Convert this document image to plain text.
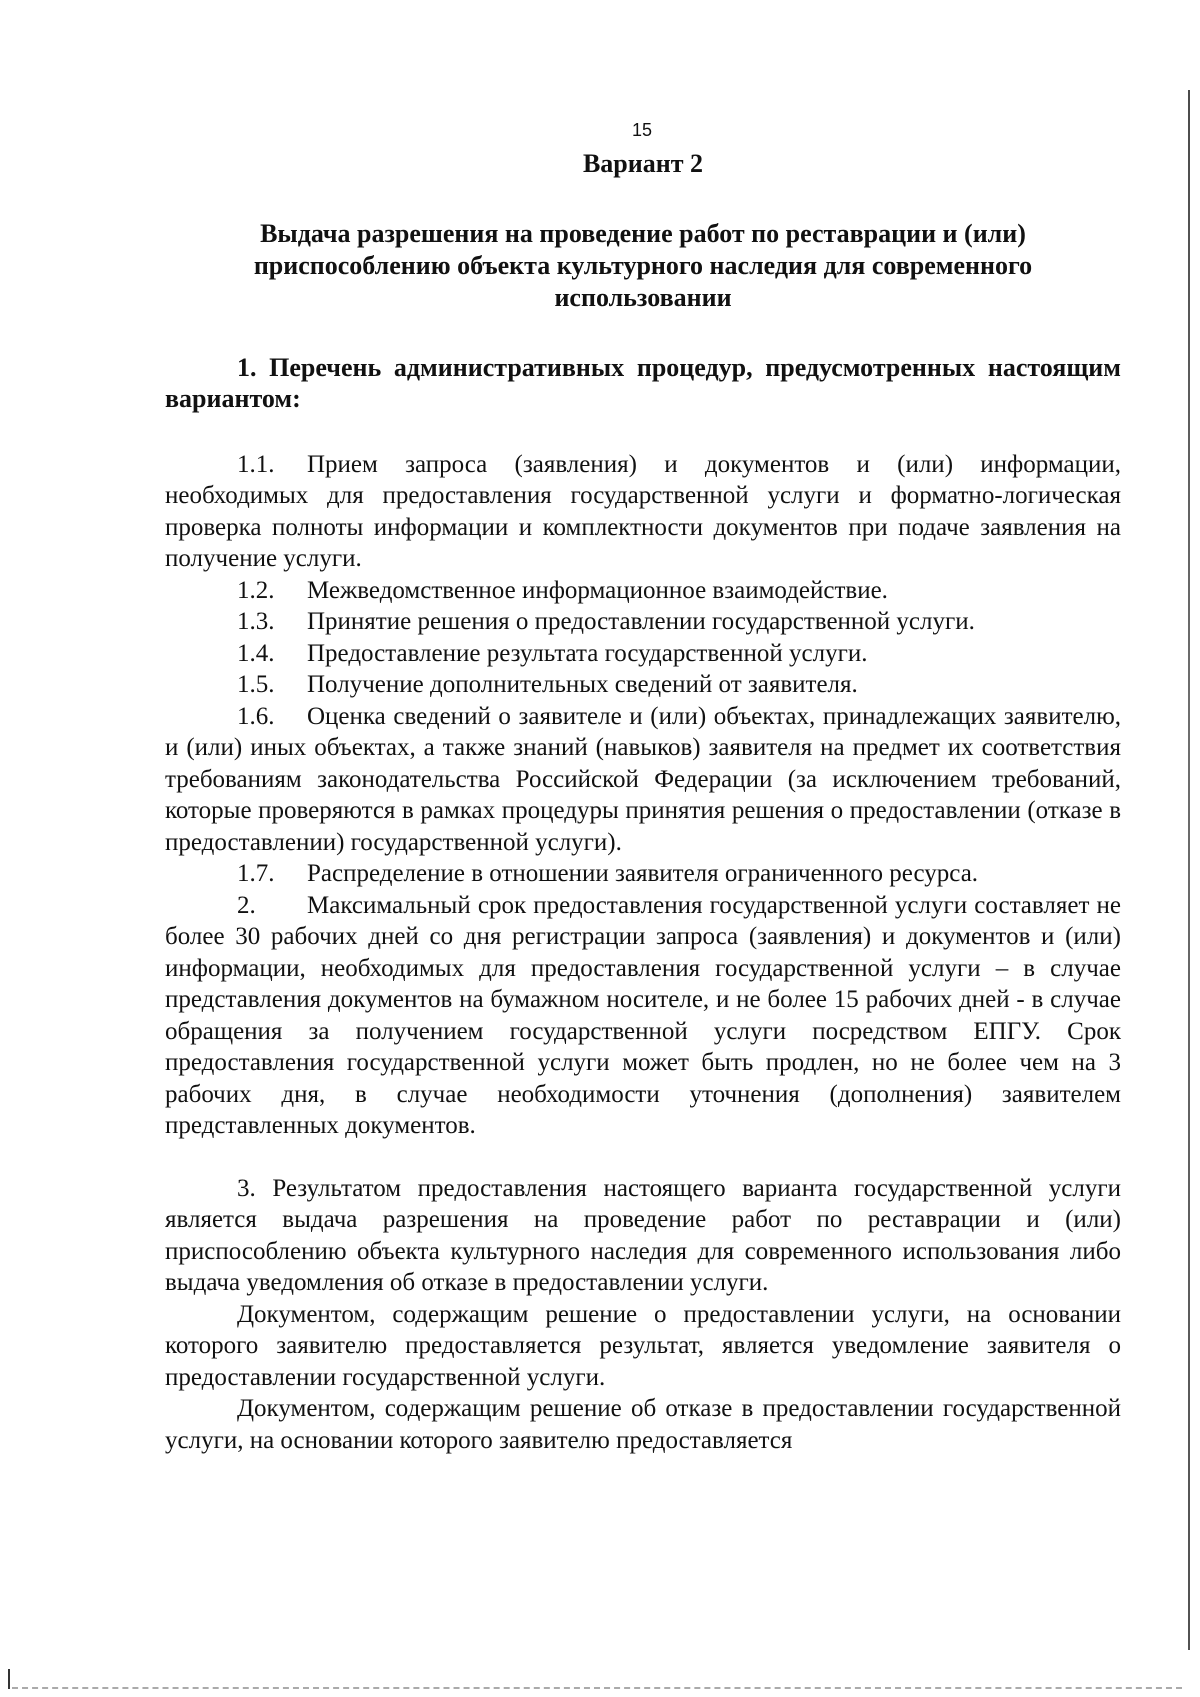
15
Вариант 2
Выдача разрешения на проведение работ по реставрации и (или) приспособлению объекта культурного наследия для современного использовании
1. Перечень административных процедур, предусмотренных настоящим вариантом:

1.1. Прием запроса (заявления) и документов и (или) информации, необходимых для предоставления государственной услуги и форматно-логическая проверка полноты информации и комплектности документов при подаче заявления на получение услуги.

1.2. Межведомственное информационное взаимодействие.

1.3. Принятие решения о предоставлении государственной услуги.

1.4. Предоставление результата государственной услуги.

1.5. Получение дополнительных сведений от заявителя.

1.6. Оценка сведений о заявителе и (или) объектах, принадлежащих заявителю, и (или) иных объектах, а также знаний (навыков) заявителя на предмет их соответствия требованиям законодательства Российской Федерации (за исключением требований, которые проверяются в рамках процедуры принятия решения о предоставлении (отказе в предоставлении) государственной услуги).

1.7. Распределение в отношении заявителя ограниченного ресурса.

2. Максимальный срок предоставления государственной услуги составляет не более 30 рабочих дней со дня регистрации запроса (заявления) и документов и (или) информации, необходимых для предоставления государственной услуги – в случае представления документов на бумажном носителе, и не более 15 рабочих дней - в случае обращения за получением государственной услуги посредством ЕПГУ. Срок предоставления государственной услуги может быть продлен, но не более чем на 3 рабочих дня, в случае необходимости уточнения (дополнения) заявителем представленных документов.

3. Результатом предоставления настоящего варианта государственной услуги является выдача разрешения на проведение работ по реставрации и (или) приспособлению объекта культурного наследия для современного использования либо выдача уведомления об отказе в предоставлении услуги.

Документом, содержащим решение о предоставлении услуги, на основании которого заявителю предоставляется результат, является уведомление заявителя о предоставлении государственной услуги.

Документом, содержащим решение об отказе в предоставлении государственной услуги, на основании которого заявителю предоставляется
